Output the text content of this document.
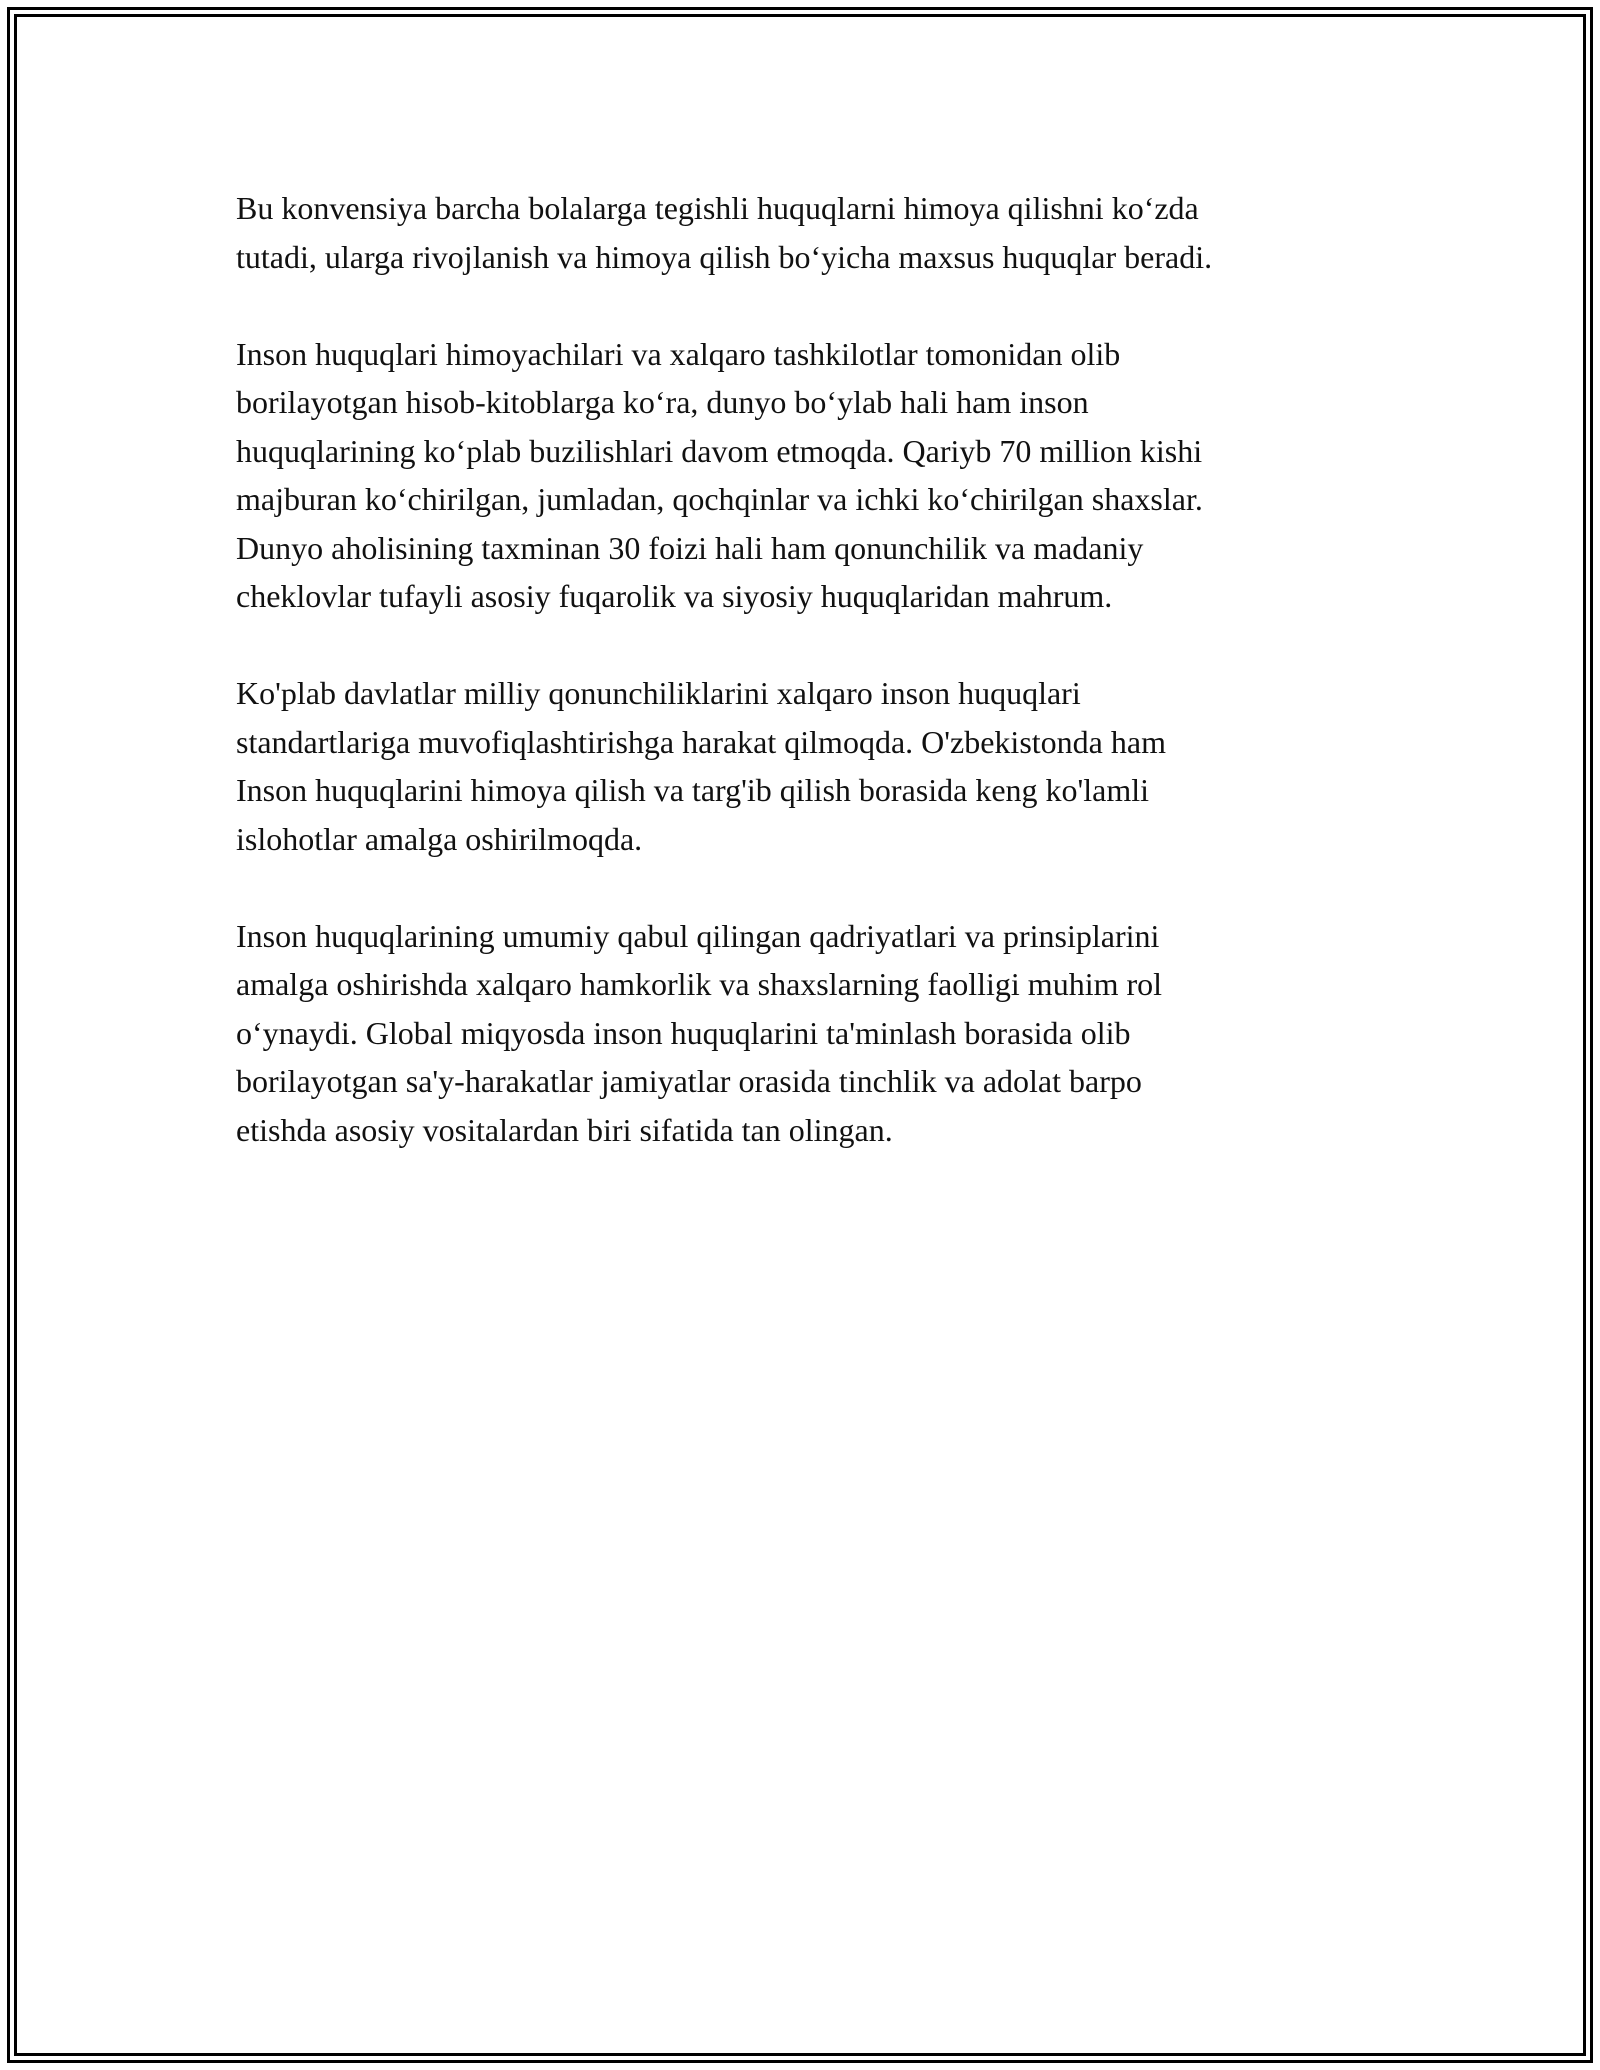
Bu konvensiya barcha bolalarga tegishli huquqlarni himoya qilishni koʻzda
tutadi, ularga rivojlanish va himoya qilish boʻyicha maxsus huquqlar beradi.

Inson huquqlari himoyachilari va xalqaro tashkilotlar tomonidan olib
borilayotgan hisob-kitoblarga koʻra, dunyo boʻylab hali ham inson
huquqlarining koʻplab buzilishlari davom etmoqda. Qariyb 70 million kishi
majburan koʻchirilgan, jumladan, qochqinlar va ichki koʻchirilgan shaxslar.
Dunyo aholisining taxminan 30 foizi hali ham qonunchilik va madaniy
cheklovlar tufayli asosiy fuqarolik va siyosiy huquqlaridan mahrum.

Ko'plab davlatlar milliy qonunchiliklarini xalqaro inson huquqlari
standartlariga muvofiqlashtirishga harakat qilmoqda. O'zbekistonda ham
Inson huquqlarini himoya qilish va targ'ib qilish borasida keng ko'lamli
islohotlar amalga oshirilmoqda.

Inson huquqlarining umumiy qabul qilingan qadriyatlari va prinsiplarini
amalga oshirishda xalqaro hamkorlik va shaxslarning faolligi muhim rol
oʻynaydi. Global miqyosda inson huquqlarini ta'minlash borasida olib
borilayotgan sa'y-harakatlar jamiyatlar orasida tinchlik va adolat barpo
etishda asosiy vositalardan biri sifatida tan olingan.
